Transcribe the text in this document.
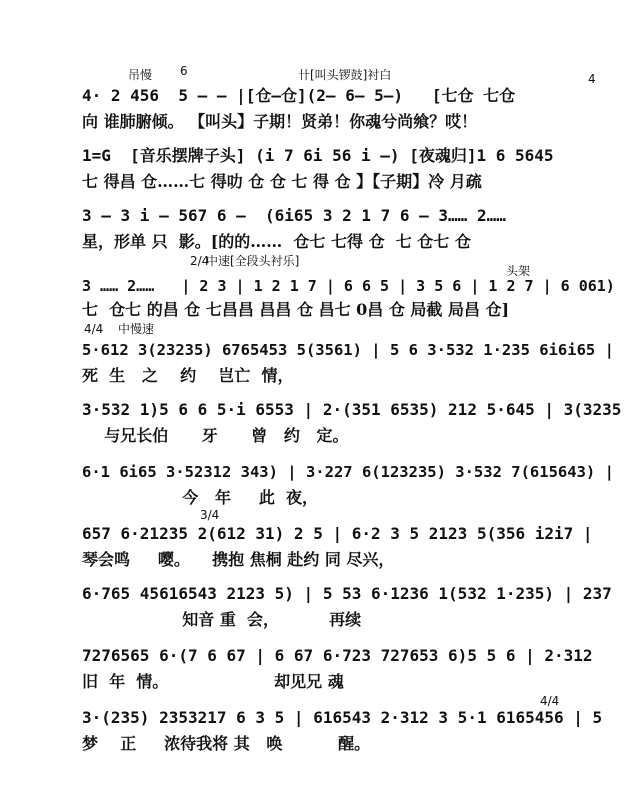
吊慢 6	卄[叫头锣鼓]衬白	4
4· 2 456  5 — — |[仓—仓](2— 6— 5—)   [七仓 七仓
向 谁肺腑倾。 【叫头】子期！贤弟！你魂兮尚飨？哎！
1=G  [音乐摆牌子头] (i 7 6i 56 i —) [夜魂归]1 6 5645
七 得昌 仓……七 得叻 仓 仓 七 得 仓 】【子期】冷 月疏
3 — 3 i — 567 6 —  (6i65 3 2 1 7 6 — 3…… 2……
星，形单 只  影。[的的……  仓七 七得 仓  七 仓七 仓
2/4
中速[全段头衬乐]
头架
3 …… 2……   | 2 3 | 1 2 1 7 | 6 6 5 | 3 5 6 | 1 2 7 | 6 061)
七  仓七 的昌 仓 七昌昌 昌昌 仓 昌七 0昌 仓 局截 局昌 仓]
4/4 中慢速
5·612 3(23235) 6765453 5(3561) | 5 6 3·532 1·235 6i6i65 |
死  生   之    约    岂亡  情，
3·532 1)5 6 6 5·i 6553 | 2·(351 6535) 212 5·645 | 3(3235
与兄长伯      牙      曾   约   定。
6·1 6i65 3·52312 343) | 3·227 6(123235) 3·532 7(615643) |
今   年     此  夜，
3/4
657 6·21235 2(612 31) 2 5 | 6·2 3 5 2123 5(356 i2i7 |
琴会鸣     嘤。    携抱 焦桐 赴约 同 尽兴，
6·765 45616543 2123 5) | 5 53 6·1236 1(532 1·235) | 237
知音 重  会，         再续
7276565 6·(7 6 67 | 6 67 6·723 727653 6)5 5 6 | 2·312
旧  年  情。                   却见兄 魂
4/4
3·(235) 2353217 6 3 5 | 616543 2·312 3 5·1 6165456 | 5
梦    正     浓待我将 其   唤          醒。
